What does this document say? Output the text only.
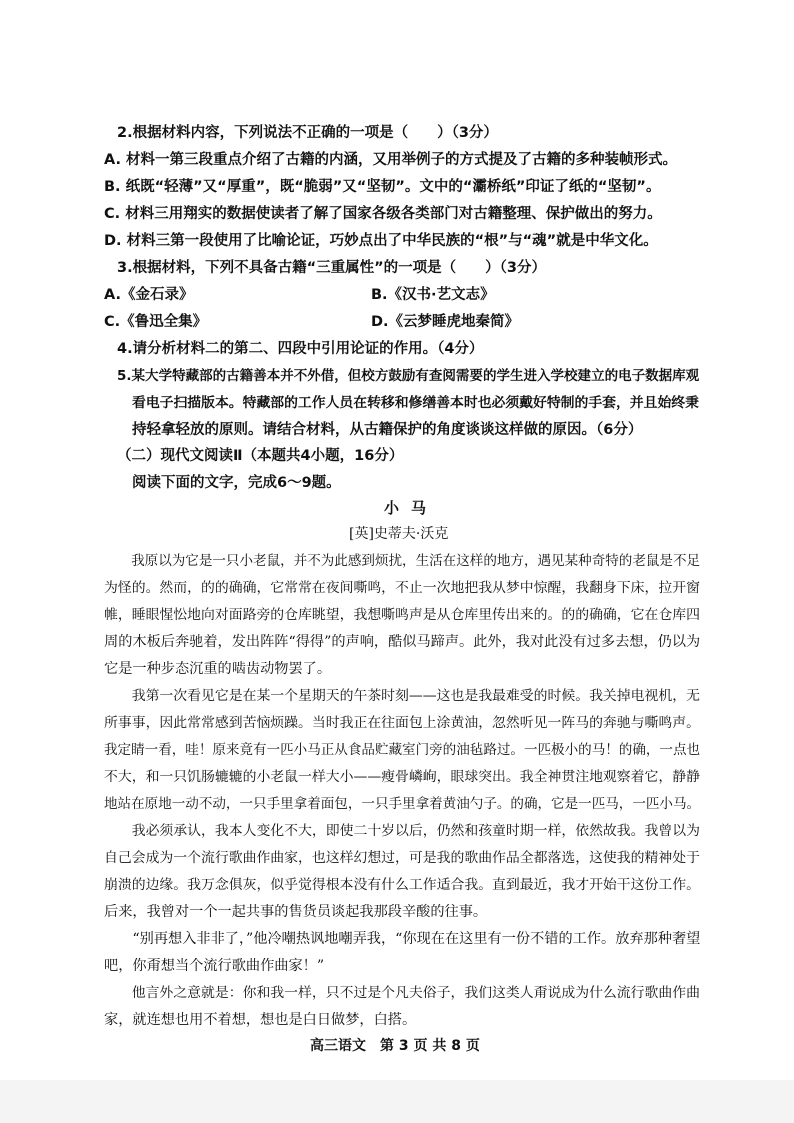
2.根据材料内容，下列说法不正确的一项是（　　）（3分）
A. 材料一第三段重点介绍了古籍的内涵，又用举例子的方式提及了古籍的多种装帧形式。
B. 纸既“轻薄”又“厚重”，既“脆弱”又“坚韧”。文中的“灞桥纸”印证了纸的“坚韧”。
C. 材料三用翔实的数据使读者了解了国家各级各类部门对古籍整理、保护做出的努力。
D. 材料三第一段使用了比喻论证，巧妙点出了中华民族的“根”与“魂”就是中华文化。
3.根据材料，下列不具备古籍“三重属性”的一项是（　　）（3分）
A.《金石录》	B.《汉书·艺文志》
C.《鲁迅全集》	D.《云梦睡虎地秦简》
4.请分析材料二的第二、四段中引用论证的作用。（4分）
5.某大学特藏部的古籍善本并不外借，但校方鼓励有查阅需要的学生进入学校建立的电子数据库观
看电子扫描版本。特藏部的工作人员在转移和修缮善本时也必须戴好特制的手套，并且始终秉
持轻拿轻放的原则。请结合材料，从古籍保护的角度谈谈这样做的原因。（6分）
（二）现代文阅读Ⅱ（本题共4小题，16分）
阅读下面的文字，完成6～9题。
小马
[英]史蒂夫·沃克
　　我原以为它是一只小老鼠，并不为此感到烦扰，生活在这样的地方，遇见某种奇特的老鼠是不足
为怪的。然而，的的确确，它常常在夜间嘶鸣，不止一次地把我从梦中惊醒，我翻身下床，拉开窗
帷，睡眼惺忪地向对面路旁的仓库眺望，我想嘶鸣声是从仓库里传出来的。的的确确，它在仓库四
周的木板后奔驰着，发出阵阵“得得”的声响，酷似马蹄声。此外，我对此没有过多去想，仍以为
它是一种步态沉重的啮齿动物罢了。
　　我第一次看见它是在某一个星期天的午茶时刻——这也是我最难受的时候。我关掉电视机，无
所事事，因此常常感到苦恼烦躁。当时我正在往面包上涂黄油，忽然听见一阵马的奔驰与嘶鸣声。
我定睛一看，哇！原来竟有一匹小马正从食品贮藏室门旁的油毡路过。一匹极小的马！的确，一点也
不大，和一只饥肠辘辘的小老鼠一样大小——瘦骨嶙峋，眼球突出。我全神贯注地观察着它，静静
地站在原地一动不动，一只手里拿着面包，一只手里拿着黄油勺子。的确，它是一匹马，一匹小马。
　　我必须承认，我本人变化不大，即使二十岁以后，仍然和孩童时期一样，依然故我。我曾以为
自己会成为一个流行歌曲作曲家，也这样幻想过，可是我的歌曲作品全都落选，这使我的精神处于
崩溃的边缘。我万念俱灰，似乎觉得根本没有什么工作适合我。直到最近，我才开始干这份工作。
后来，我曾对一个一起共事的售货员谈起我那段辛酸的往事。
　　“别再想入非非了，”他冷嘲热讽地嘲弄我，“你现在在这里有一份不错的工作。放弃那种奢望
吧，你甭想当个流行歌曲作曲家！”
　　他言外之意就是：你和我一样，只不过是个凡夫俗子，我们这类人甭说成为什么流行歌曲作曲
家，就连想也用不着想，想也是白日做梦，白搭。
高三语文　第 3 页 共 8 页
